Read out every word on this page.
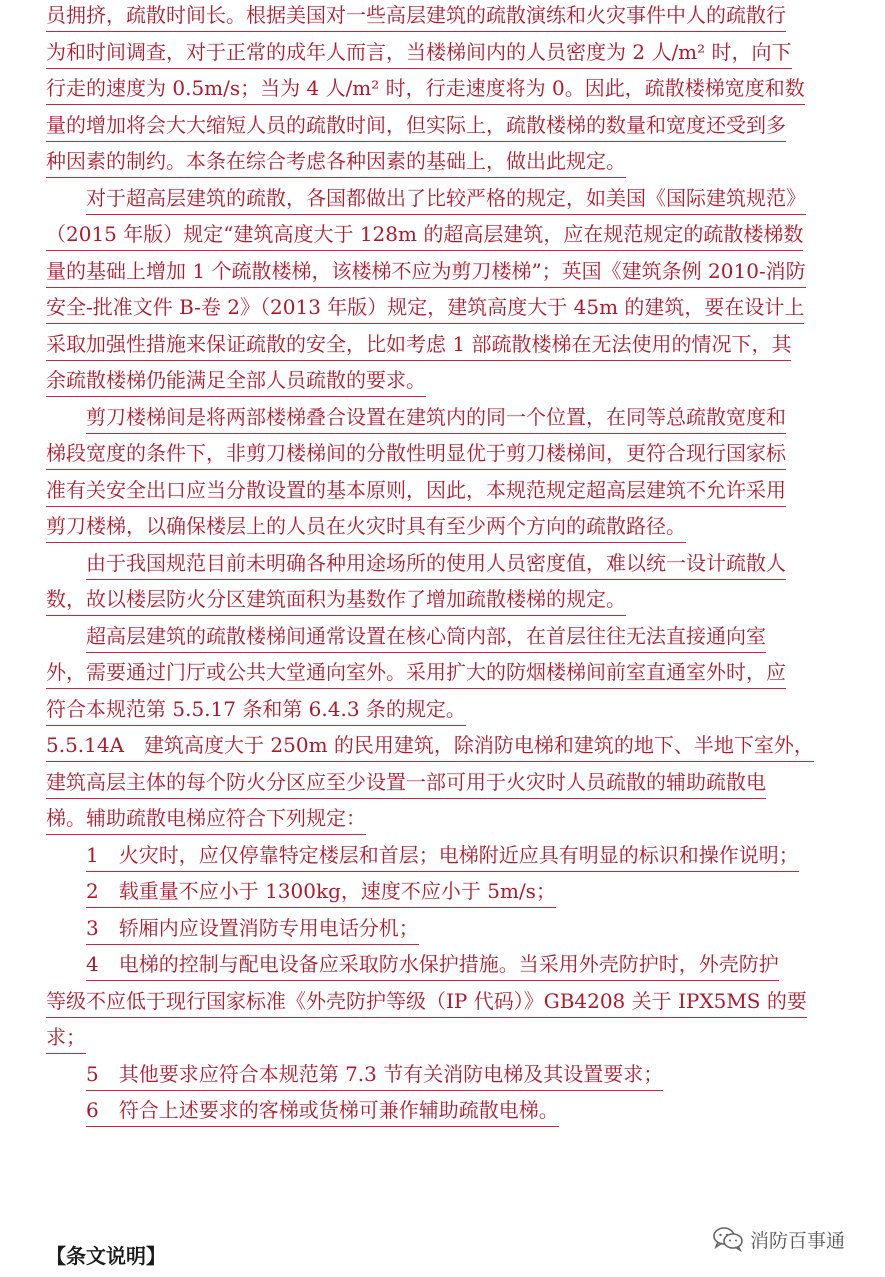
员拥挤，疏散时间长。根据美国对一些高层建筑的疏散演练和火灾事件中人的疏散行
为和时间调查，对于正常的成年人而言，当楼梯间内的人员密度为 2 人/m² 时，向下
行走的速度为 0.5m/s；当为 4 人/m² 时，行走速度将为 0。因此，疏散楼梯宽度和数
量的增加将会大大缩短人员的疏散时间，但实际上，疏散楼梯的数量和宽度还受到多
种因素的制约。本条在综合考虑各种因素的基础上，做出此规定。
对于超高层建筑的疏散，各国都做出了比较严格的规定，如美国《国际建筑规范》
（2015 年版）规定“建筑高度大于 128m 的超高层建筑，应在规范规定的疏散楼梯数
量的基础上增加 1 个疏散楼梯，该楼梯不应为剪刀楼梯”；英国《建筑条例 2010-消防
安全-批准文件 B-卷 2》（2013 年版）规定，建筑高度大于 45m 的建筑，要在设计上
采取加强性措施来保证疏散的安全，比如考虑 1 部疏散楼梯在无法使用的情况下，其
余疏散楼梯仍能满足全部人员疏散的要求。
剪刀楼梯间是将两部楼梯叠合设置在建筑内的同一个位置，在同等总疏散宽度和
梯段宽度的条件下，非剪刀楼梯间的分散性明显优于剪刀楼梯间，更符合现行国家标
准有关安全出口应当分散设置的基本原则，因此，本规范规定超高层建筑不允许采用
剪刀楼梯，以确保楼层上的人员在火灾时具有至少两个方向的疏散路径。
由于我国规范目前未明确各种用途场所的使用人员密度值，难以统一设计疏散人
数，故以楼层防火分区建筑面积为基数作了增加疏散楼梯的规定。
超高层建筑的疏散楼梯间通常设置在核心筒内部，在首层往往无法直接通向室
外，需要通过门厅或公共大堂通向室外。采用扩大的防烟楼梯间前室直通室外时，应
符合本规范第 5.5.17 条和第 6.4.3 条的规定。
5.5.14A　建筑高度大于 250m 的民用建筑，除消防电梯和建筑的地下、半地下室外，
建筑高层主体的每个防火分区应至少设置一部可用于火灾时人员疏散的辅助疏散电
梯。辅助疏散电梯应符合下列规定：
1　火灾时，应仅停靠特定楼层和首层；电梯附近应具有明显的标识和操作说明；
2　载重量不应小于 1300kg，速度不应小于 5m/s；
3　轿厢内应设置消防专用电话分机；
4　电梯的控制与配电设备应采取防水保护措施。当采用外壳防护时，外壳防护
等级不应低于现行国家标准《外壳防护等级（IP 代码）》GB4208 关于 IPX5MS 的要
求；
5　其他要求应符合本规范第 7.3 节有关消防电梯及其设置要求；
6　符合上述要求的客梯或货梯可兼作辅助疏散电梯。
【条文说明】
消防百事通
